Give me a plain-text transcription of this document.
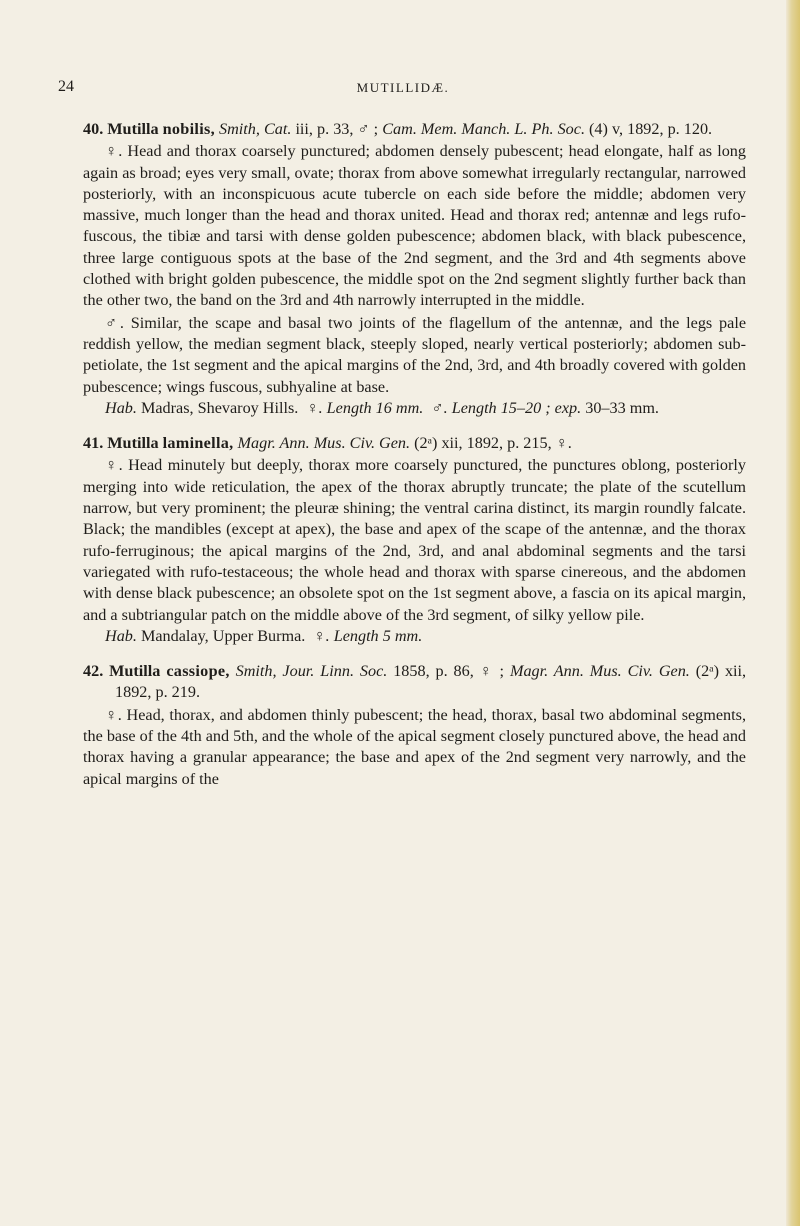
24	MUTILLIDÆ.

40. Mutilla nobilis, Smith, Cat. iii, p. 33, ♂ ; Cam. Mem. Manch. L. Ph. Soc. (4) v, 1892, p. 120.

♀. Head and thorax coarsely punctured; abdomen densely pubescent; head elongate, half as long again as broad; eyes very small, ovate; thorax from above somewhat irregularly rectangular, narrowed posteriorly, with an inconspicuous acute tubercle on each side before the middle; abdomen very massive, much longer than the head and thorax united. Head and thorax red; antennæ and legs rufo-fuscous, the tibiæ and tarsi with dense golden pubescence; abdomen black, with black pubescence, three large contiguous spots at the base of the 2nd segment, and the 3rd and 4th segments above clothed with bright golden pubescence, the middle spot on the 2nd segment slightly further back than the other two, the band on the 3rd and 4th narrowly interrupted in the middle.

♂. Similar, the scape and basal two joints of the flagellum of the antennæ, and the legs pale reddish yellow, the median segment black, steeply sloped, nearly vertical posteriorly; abdomen sub-petiolate, the 1st segment and the apical margins of the 2nd, 3rd, and 4th broadly covered with golden pubescence; wings fuscous, subhyaline at base.

Hab. Madras, Shevaroy Hills. ♀. Length 16 mm. ♂. Length 15–20 ; exp. 30–33 mm.

41. Mutilla laminella, Magr. Ann. Mus. Civ. Gen. (2ᵃ) xii, 1892, p. 215, ♀.

♀. Head minutely but deeply, thorax more coarsely punctured, the punctures oblong, posteriorly merging into wide reticulation, the apex of the thorax abruptly truncate; the plate of the scutellum narrow, but very prominent; the pleuræ shining; the ventral carina distinct, its margin roundly falcate. Black; the mandibles (except at apex), the base and apex of the scape of the antennæ, and the thorax rufo-ferruginous; the apical margins of the 2nd, 3rd, and anal abdominal segments and the tarsi variegated with rufo-testaceous; the whole head and thorax with sparse cinereous, and the abdomen with dense black pubescence; an obsolete spot on the 1st segment above, a fascia on its apical margin, and a subtriangular patch on the middle above of the 3rd segment, of silky yellow pile.

Hab. Mandalay, Upper Burma. ♀. Length 5 mm.

42. Mutilla cassiope, Smith, Jour. Linn. Soc. 1858, p. 86, ♀ ; Magr. Ann. Mus. Civ. Gen. (2ᵃ) xii, 1892, p. 219.

♀. Head, thorax, and abdomen thinly pubescent; the head, thorax, basal two abdominal segments, the base of the 4th and 5th, and the whole of the apical segment closely punctured above, the head and thorax having a granular appearance; the base and apex of the 2nd segment very narrowly, and the apical margins of the
